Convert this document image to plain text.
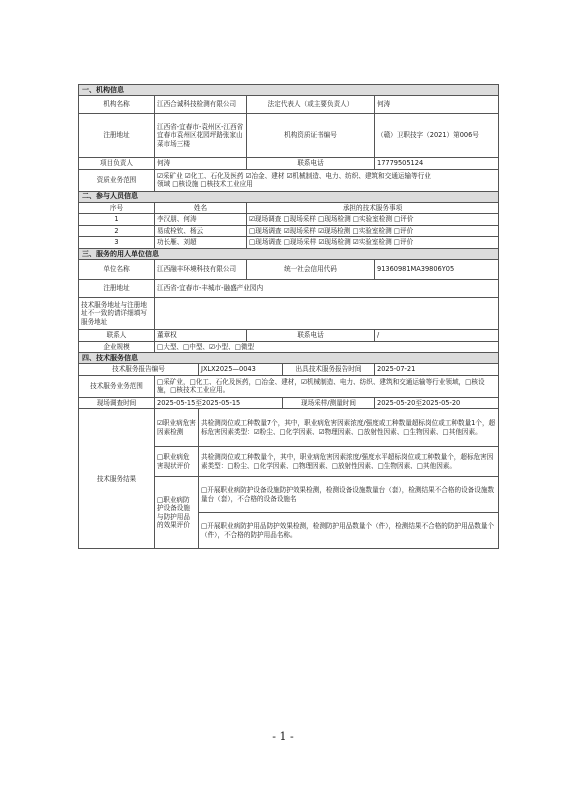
一、机构信息					
机构名称	江西合诚科技检测有限公司		法定代表人（或主要负责人）		何涛
注册地址	江西省-宜春市-袁州区-江西省宜春市袁州区花园坪路张家山菜市场三楼		机构资质证书编号		（赣）卫职技字（2021）第006号
项目负责人	何涛		联系电话		17779505124
资质业务范围	☑采矿业 ☑化工、石化及医药 ☑冶金、建材 ☑机械制造、电力、纺织、建筑和交通运输等行业
领域 □核设施 □核技术工业应用				

二、参与人员信息					
序号	姓名		承担的技术服务事项		
1	李汉朋、何涛		☑现场调查 □现场采样 □现场检测 □实验室检测 □评价		
2	易成栓钦、杨云		□现场调查 ☑现场采样 ☑现场检测 □实验室检测 □评价		
3	功长雁、刘超		□现场调查 □现场采样 ☑现场检测 ☑实验室检测 □评价		
三、服务的用人单位信息					
单位名称	江西融丰环境科技有限公司		统一社会信用代码		91360981MA39806Y05
注册地址	江西省-宜春市-丰城市-融盛产业园内				
技术服务地址与注册地址不一致的请详细填写服务地址					
联系人	董章权		联系电话		/
企业规模	□大型、□中型、☑小型、□微型				
四、技术服务信息					
技术服务报告编号		JXLX2025—0043		出具技术服务报告时间	2025-07-21
技术服务业务范围	□采矿业，□化工、石化及医药，□冶金、建材，☑机械制造、电力、纺织、建筑和交通运输等行业领域，□核设施，□核技术工业应用。				
现场调查时间	2025-05-15至2025-05-15			现场采样/测量时间	2025-05-20至2025-05-20
技术服务结果	☑职业病危害因素检测	共检测岗位或工种数量7个，其中，职业病危害因素浓度/强度或工种数量超标岗位或工种数量1个，超标危害因素类型：☑粉尘、□化学因素、☑物理因素、□放射性因素、□生物因素、□其他因素。			
	□职业病危害现状评价	共检测岗位或工种数量个，其中，职业病危害因素浓度/强度水平超标岗位或工种数量个，超标危害因素类型：□粉尘、□化学因素、□物理因素、□放射性因素、□生物因素、□其他因素。			
	□职业病防护设备设施与防护用品的效果评价	□开展职业病防护设备设施防护效果检测，检测设备设施数量台（套），检测结果不合格的设备设施数量台（套），不合格的设备设施名			
		□开展职业病防护用品防护效果检测，检测防护用品数量个（件），检测结果不合格的防护用品数量个（件），不合格的防护用品名称。			
- 1 -
